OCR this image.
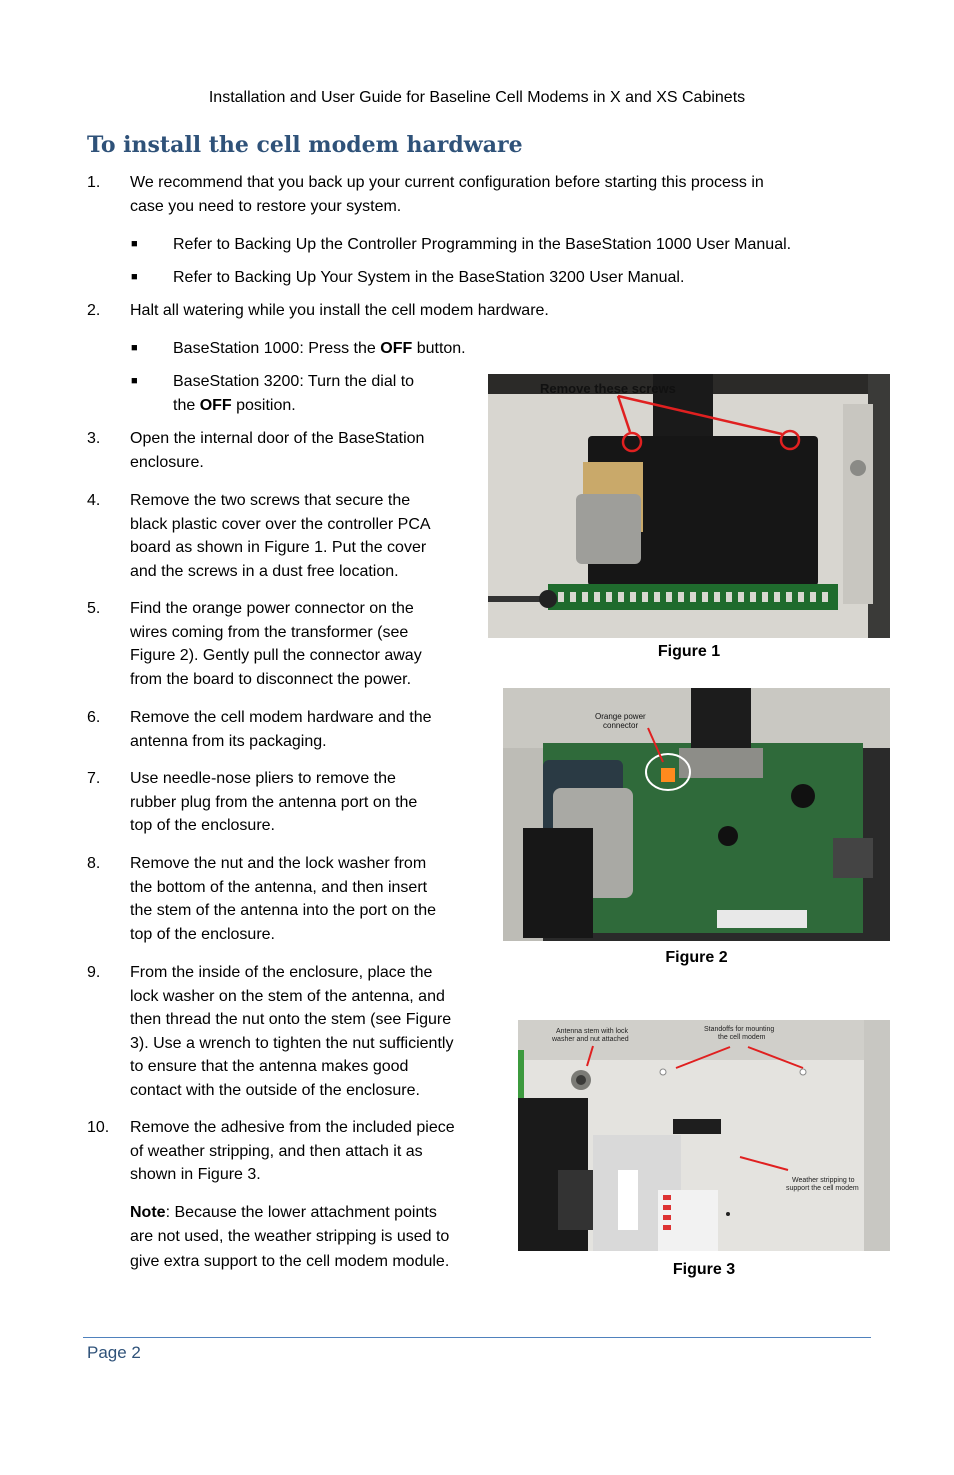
Installation and User Guide for Baseline Cell Modems in X and XS Cabinets
To install the cell modem hardware
1.	We recommend that you back up your current configuration before starting this process in
case you need to restore your system.
■ Refer to Backing Up the Controller Programming in the BaseStation 1000 User Manual.
■ Refer to Backing Up Your System in the BaseStation 3200 User Manual.
2.	Halt all watering while you install the cell modem hardware.
■ BaseStation 1000: Press the OFF button.
■ BaseStation 3200: Turn the dial to
the OFF position.
3.	Open the internal door of the BaseStation
enclosure.
4.	Remove the two screws that secure the
black plastic cover over the controller PCA
board as shown in Figure 1. Put the cover
and the screws in a dust free location.
5.	Find the orange power connector on the
wires coming from the transformer (see
Figure 2). Gently pull the connector away
from the board to disconnect the power.
6.	Remove the cell modem hardware and the
antenna from its packaging.
7.	Use needle-nose pliers to remove the
rubber plug from the antenna port on the
top of the enclosure.
8.	Remove the nut and the lock washer from
the bottom of the antenna, and then insert
the stem of the antenna into the port on the
top of the enclosure.
9.	From the inside of the enclosure, place the
lock washer on the stem of the antenna, and
then thread the nut onto the stem (see Figure
3). Use a wrench to tighten the nut sufficiently
to ensure that the antenna makes good
contact with the outside of the enclosure.
10.	Remove the adhesive from the included piece
of weather stripping, and then attach it as
shown in Figure 3.
Note: Because the lower attachment points
are not used, the weather stripping is used to
give extra support to the cell modem module.
Remove these screws
Figure 1
Orange power
connector
Figure 2
Antenna stem with lock
washer and nut attached
Standoffs for mounting
the cell modem
Weather stripping to
support the cell modem
Figure 3
Page 2
